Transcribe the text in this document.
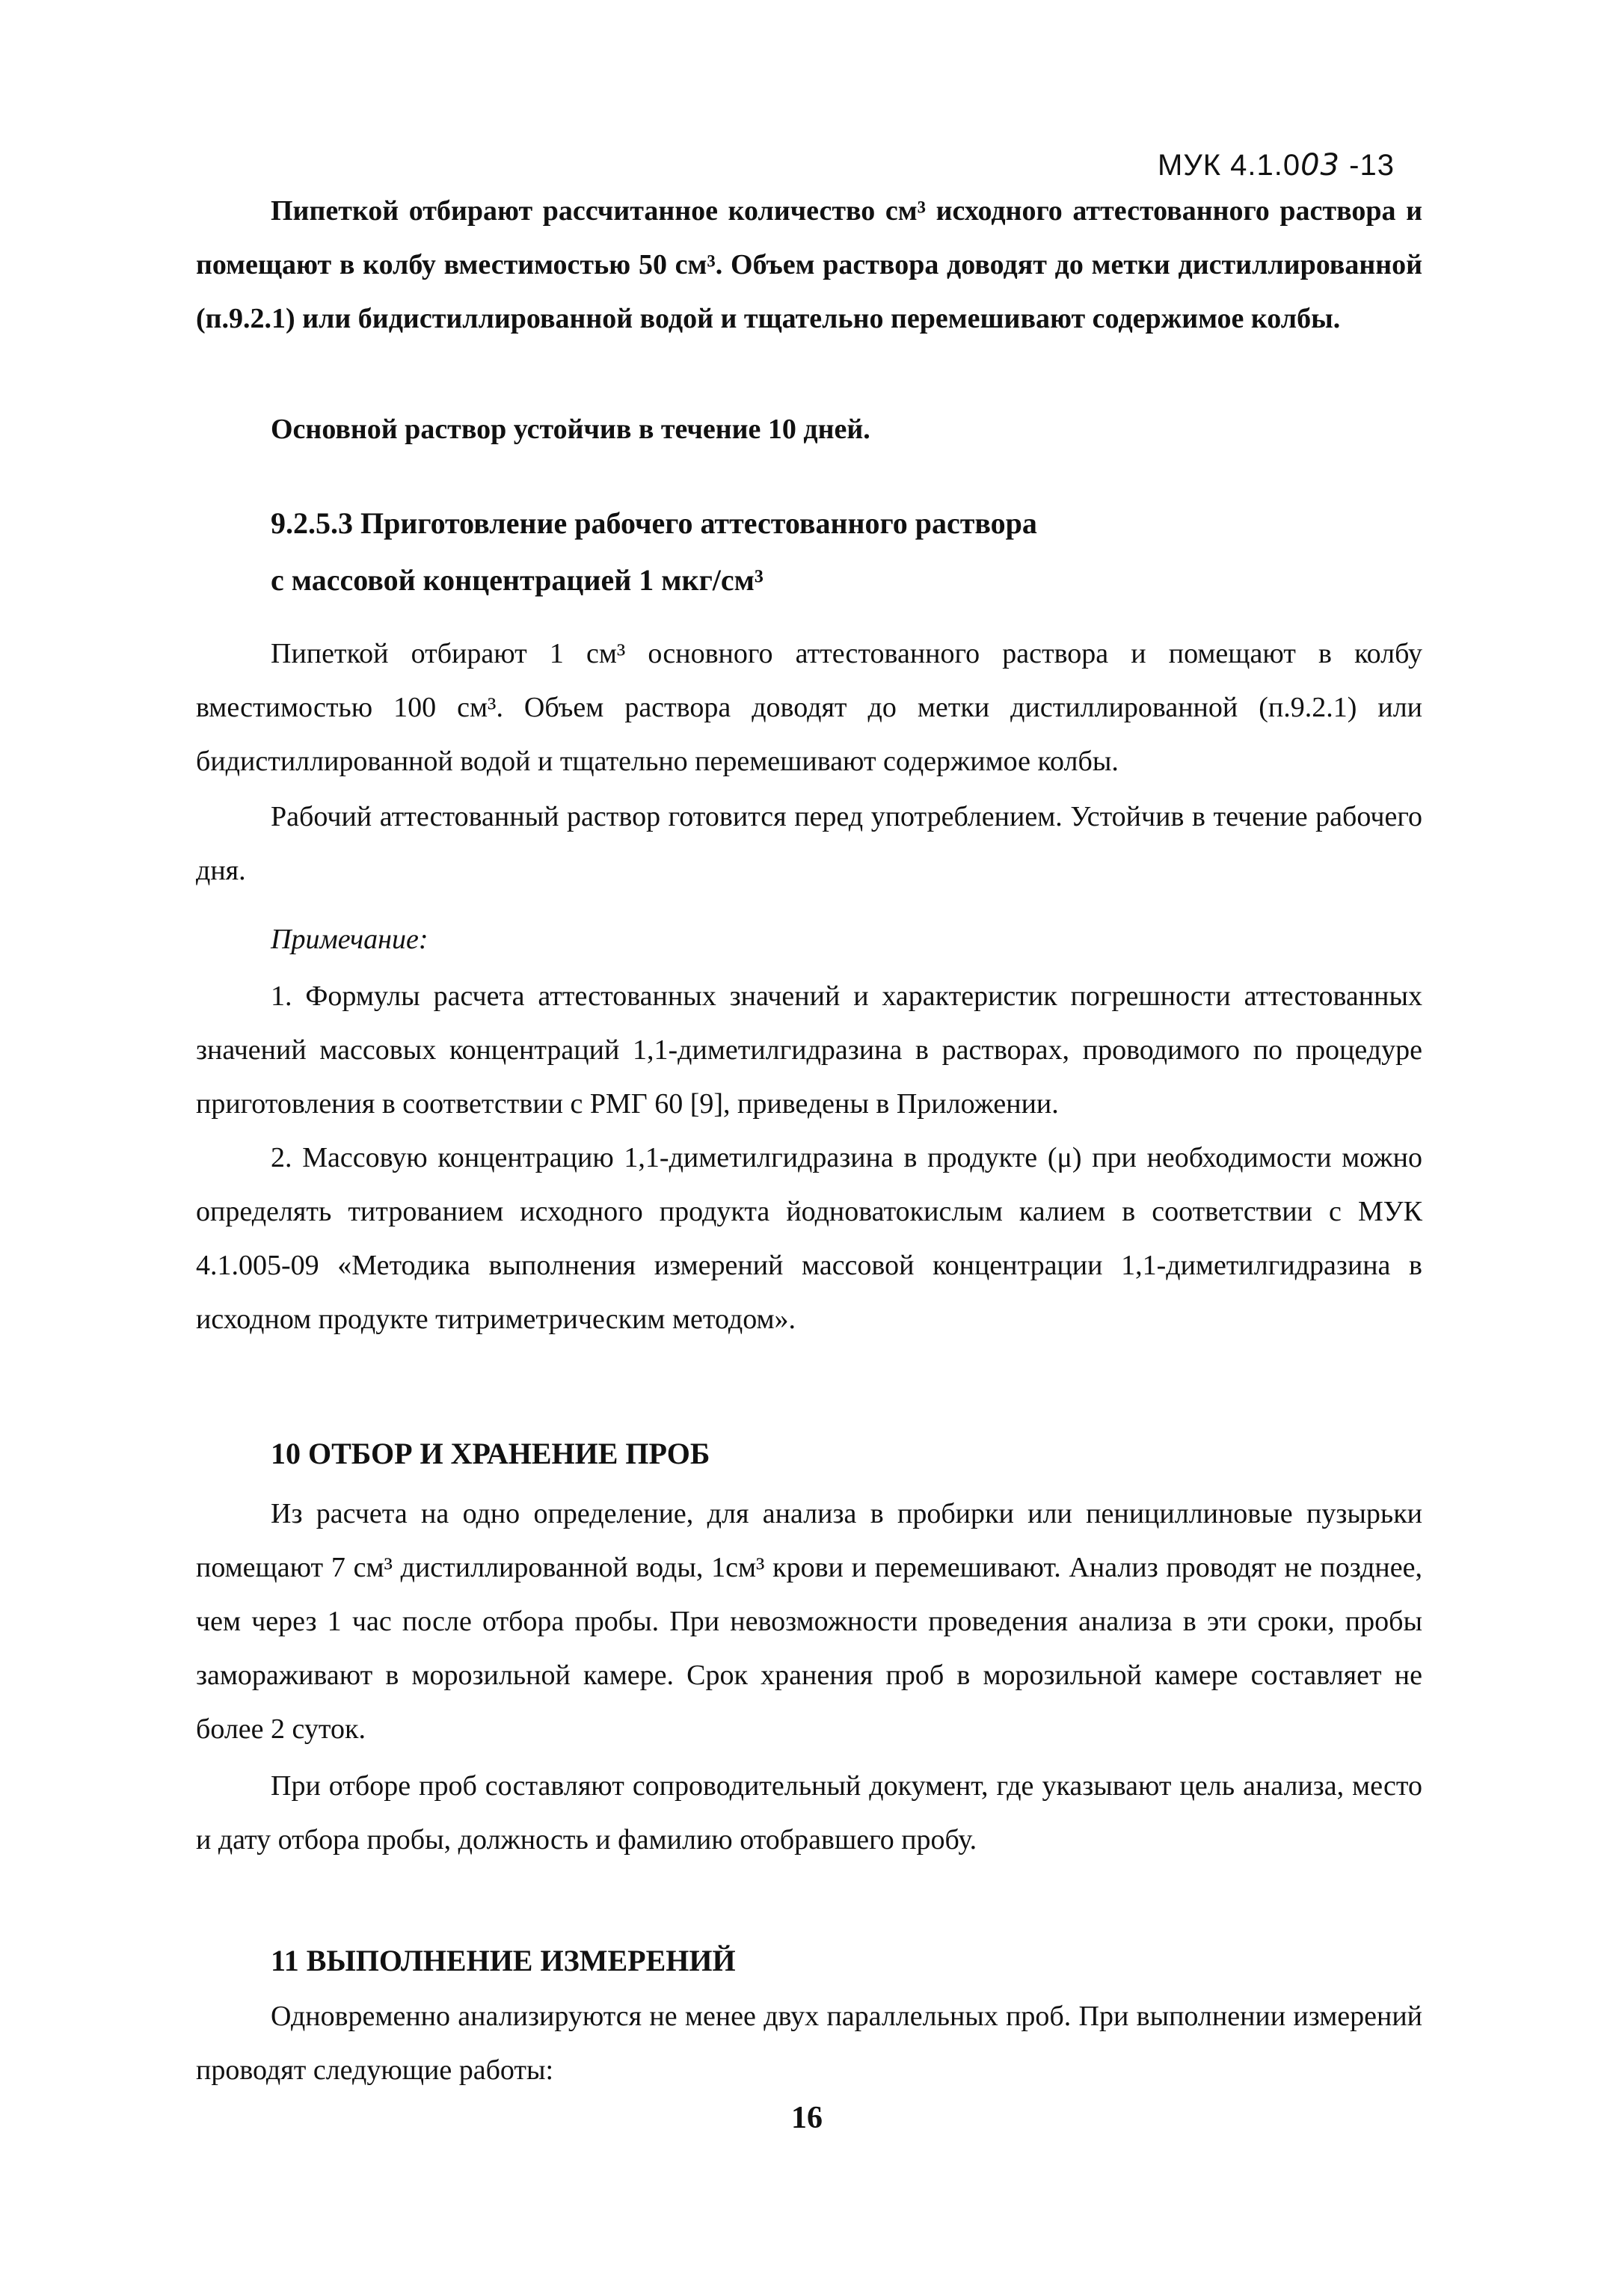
МУК 4.1.003 -13

Пипеткой отбирают рассчитанное количество см³ исходного аттестованного раствора и помещают в колбу вместимостью 50 см³. Объем раствора доводят до метки дистиллированной (п.9.2.1) или бидистиллированной водой и тщательно перемешивают содержимое колбы.

Основной раствор устойчив в течение 10 дней.

9.2.5.3 Приготовление рабочего аттестованного раствора

с массовой концентрацией 1 мкг/см³

Пипеткой отбирают 1 см³ основного аттестованного раствора и помещают в колбу вместимостью 100 см³. Объем раствора доводят до метки дистиллированной (п.9.2.1) или бидистиллированной водой и тщательно перемешивают содержимое колбы.

Рабочий аттестованный раствор готовится перед употреблением. Устойчив в течение рабочего дня.

Примечание:

1. Формулы расчета аттестованных значений и характеристик погрешности аттестованных значений массовых концентраций 1,1-диметилгидразина в растворах, проводимого по процедуре приготовления в соответствии с РМГ 60 [9], приведены в Приложении.

2. Массовую концентрацию 1,1-диметилгидразина в продукте (μ) при необходимости можно определять титрованием исходного продукта йодноватокислым калием в соответствии с МУК 4.1.005-09 «Методика выполнения измерений массовой концентрации 1,1-диметилгидразина в исходном продукте титриметрическим методом».

10 ОТБОР И ХРАНЕНИЕ ПРОБ

Из расчета на одно определение, для анализа в пробирки или пенициллиновые пузырьки помещают 7 см³ дистиллированной воды, 1см³ крови и перемешивают. Анализ проводят не позднее, чем через 1 час после отбора пробы. При невозможности проведения анализа в эти сроки, пробы замораживают в морозильной камере. Срок хранения проб в морозильной камере составляет не более 2 суток.

При отборе проб составляют сопроводительный документ, где указывают цель анализа, место и дату отбора пробы, должность и фамилию отобравшего пробу.

11 ВЫПОЛНЕНИЕ ИЗМЕРЕНИЙ

Одновременно анализируются не менее двух параллельных проб. При выполнении измерений проводят следующие работы:

16
